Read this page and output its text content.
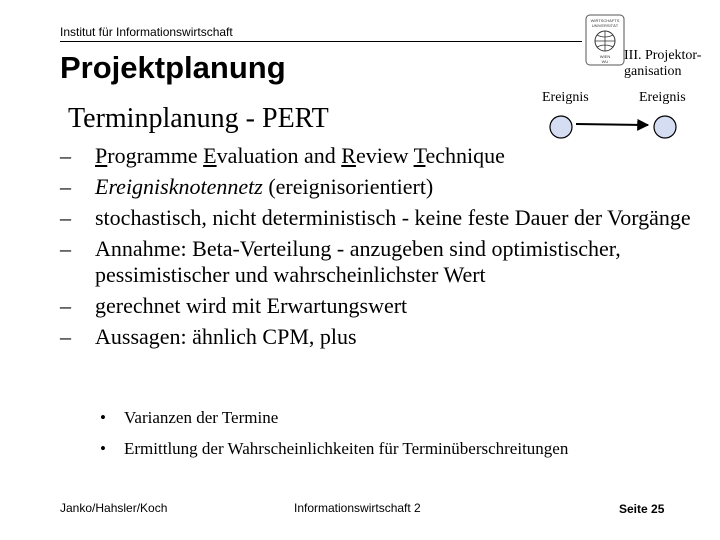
Institut für Informationswirtschaft
WIRTSCHAFTS
UNIVERSITÄT
WIEN
WU III. Projektor-
ganisation
Projektplanung
Terminplanung - PERT
Ereignis	Ereignis
– Programme Evaluation and Review Technique
– Ereignisknotennetz (ereignisorientiert)
– stochastisch, nicht deterministisch - keine feste Dauer der Vorgänge
– Annahme: Beta-Verteilung - anzugeben sind optimistischer, pessimistischer und wahrscheinlichster Wert
– gerechnet wird mit Erwartungswert
– Aussagen: ähnlich CPM, plus
• Varianzen der Termine
• Ermittlung der Wahrscheinlichkeiten für Terminüberschreitungen
Janko/Hahsler/Koch	Informationswirtschaft 2	Seite 25
